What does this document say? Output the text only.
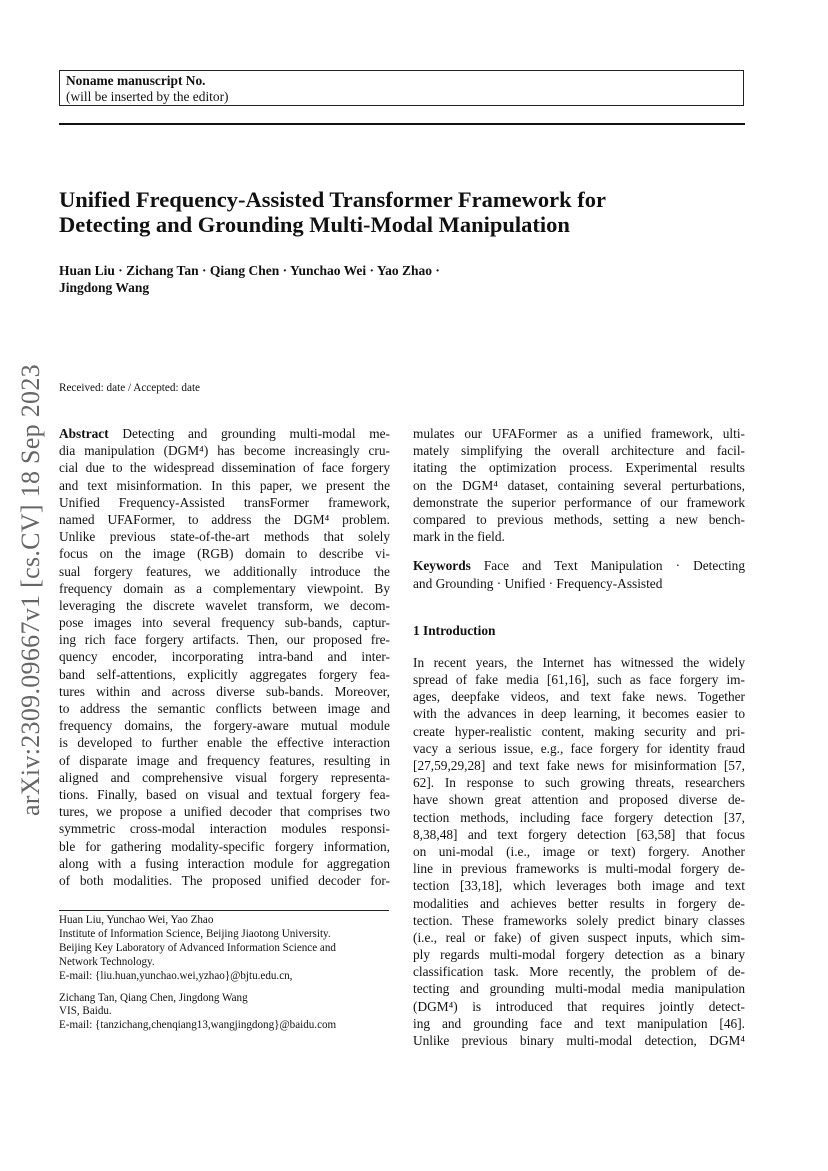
Noname manuscript No.
(will be inserted by the editor)
Unified Frequency-Assisted Transformer Framework for
Detecting and Grounding Multi-Modal Manipulation
Huan Liu · Zichang Tan · Qiang Chen · Yunchao Wei · Yao Zhao ·
Jingdong Wang
arXiv:2309.09667v1 [cs.CV] 18 Sep 2023 Received: date / Accepted: date
Abstract Detecting and grounding multi-modal me-
dia manipulation (DGM⁴) has become increasingly cru-
cial due to the widespread dissemination of face forgery
and text misinformation. In this paper, we present the
Unified Frequency-Assisted transFormer framework,
named UFAFormer, to address the DGM⁴ problem.
Unlike previous state-of-the-art methods that solely
focus on the image (RGB) domain to describe vi-
sual forgery features, we additionally introduce the
frequency domain as a complementary viewpoint. By
leveraging the discrete wavelet transform, we decom-
pose images into several frequency sub-bands, captur-
ing rich face forgery artifacts. Then, our proposed fre-
quency encoder, incorporating intra-band and inter-
band self-attentions, explicitly aggregates forgery fea-
tures within and across diverse sub-bands. Moreover,
to address the semantic conflicts between image and
frequency domains, the forgery-aware mutual module
is developed to further enable the effective interaction
of disparate image and frequency features, resulting in
aligned and comprehensive visual forgery representa-
tions. Finally, based on visual and textual forgery fea-
tures, we propose a unified decoder that comprises two
symmetric cross-modal interaction modules responsi-
ble for gathering modality-specific forgery information,
along with a fusing interaction module for aggregation
of both modalities. The proposed unified decoder for-
Huan Liu, Yunchao Wei, Yao Zhao
Institute of Information Science, Beijing Jiaotong University.
Beijing Key Laboratory of Advanced Information Science and
Network Technology.
E-mail: {liu.huan,yunchao.wei,yzhao}@bjtu.edu.cn,
Zichang Tan, Qiang Chen, Jingdong Wang
VIS, Baidu.
E-mail: {tanzichang,chenqiang13,wangjingdong}@baidu.com
mulates our UFAFormer as a unified framework, ulti-
mately simplifying the overall architecture and facil-
itating the optimization process. Experimental results
on the DGM⁴ dataset, containing several perturbations,
demonstrate the superior performance of our framework
compared to previous methods, setting a new bench-
mark in the field.
Keywords Face and Text Manipulation · Detecting
and Grounding · Unified · Frequency-Assisted
1 Introduction
In recent years, the Internet has witnessed the widely
spread of fake media [61,16], such as face forgery im-
ages, deepfake videos, and text fake news. Together
with the advances in deep learning, it becomes easier to
create hyper-realistic content, making security and pri-
vacy a serious issue, e.g., face forgery for identity fraud
[27,59,29,28] and text fake news for misinformation [57,
62]. In response to such growing threats, researchers
have shown great attention and proposed diverse de-
tection methods, including face forgery detection [37,
8,38,48] and text forgery detection [63,58] that focus
on uni-modal (i.e., image or text) forgery. Another
line in previous frameworks is multi-modal forgery de-
tection [33,18], which leverages both image and text
modalities and achieves better results in forgery de-
tection. These frameworks solely predict binary classes
(i.e., real or fake) of given suspect inputs, which sim-
ply regards multi-modal forgery detection as a binary
classification task. More recently, the problem of de-
tecting and grounding multi-modal media manipulation
(DGM⁴) is introduced that requires jointly detect-
ing and grounding face and text manipulation [46].
Unlike previous binary multi-modal detection, DGM⁴
